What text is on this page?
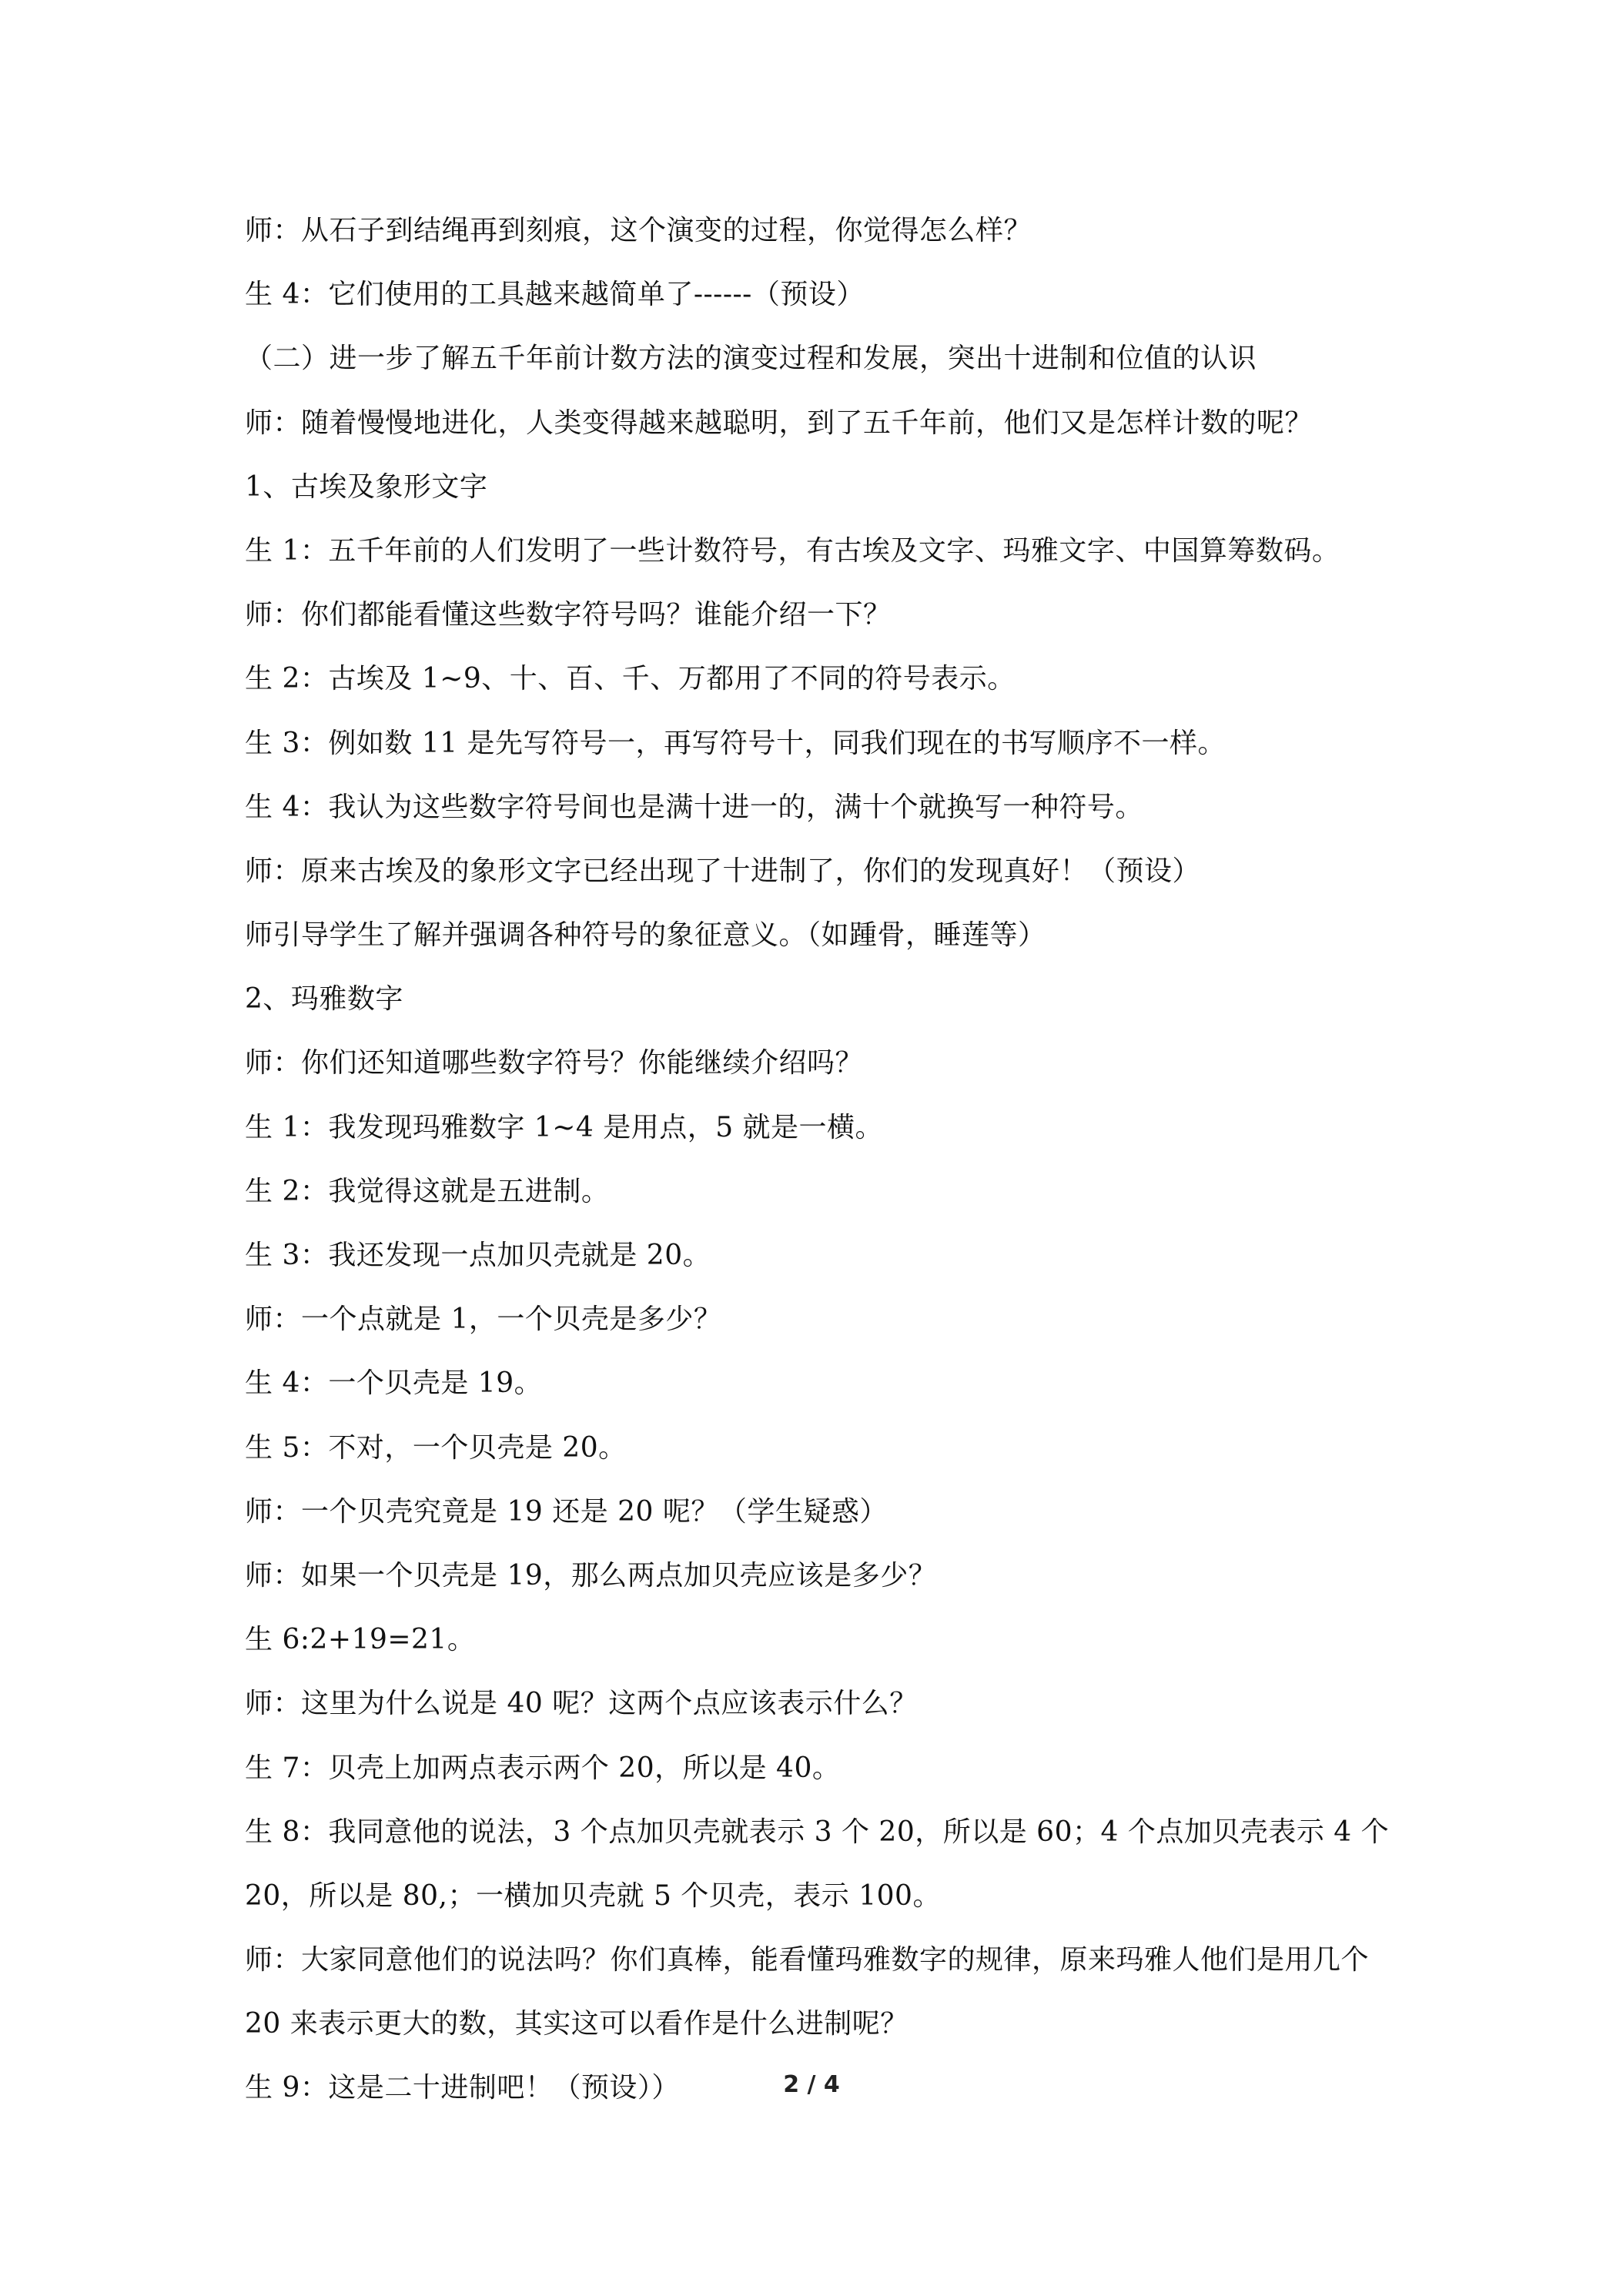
师：从石子到结绳再到刻痕，这个演变的过程，你觉得怎么样？
生 4：它们使用的工具越来越简单了------（预设）
（二）进一步了解五千年前计数方法的演变过程和发展，突出十进制和位值的认识
师：随着慢慢地进化，人类变得越来越聪明，到了五千年前，他们又是怎样计数的呢？
1、古埃及象形文字
生 1：五千年前的人们发明了一些计数符号，有古埃及文字、玛雅文字、中国算筹数码。
师：你们都能看懂这些数字符号吗？谁能介绍一下？
生 2：古埃及 1~9、十、百、千、万都用了不同的符号表示。
生 3：例如数 11 是先写符号一，再写符号十，同我们现在的书写顺序不一样。
生 4：我认为这些数字符号间也是满十进一的，满十个就换写一种符号。
师：原来古埃及的象形文字已经出现了十进制了，你们的发现真好！（预设）
师引导学生了解并强调各种符号的象征意义。（如踵骨，睡莲等）
2、玛雅数字
师：你们还知道哪些数字符号？你能继续介绍吗？
生 1：我发现玛雅数字 1~4 是用点，5 就是一横。
生 2：我觉得这就是五进制。
生 3：我还发现一点加贝壳就是 20。
师：一个点就是 1，一个贝壳是多少？
生 4：一个贝壳是 19。
生 5：不对，一个贝壳是 20。
师：一个贝壳究竟是 19 还是 20 呢？（学生疑惑）
师：如果一个贝壳是 19，那么两点加贝壳应该是多少？
生 6:2+19=21。
师：这里为什么说是 40 呢？这两个点应该表示什么？
生 7：贝壳上加两点表示两个 20，所以是 40。
生 8：我同意他的说法，3 个点加贝壳就表示 3 个 20，所以是 60；4 个点加贝壳表示 4 个
20，所以是 80,；一横加贝壳就 5 个贝壳，表示 100。
师：大家同意他们的说法吗？你们真棒，能看懂玛雅数字的规律，原来玛雅人他们是用几个
20 来表示更大的数，其实这可以看作是什么进制呢？
生 9：这是二十进制吧！（预设））	2 / 4
